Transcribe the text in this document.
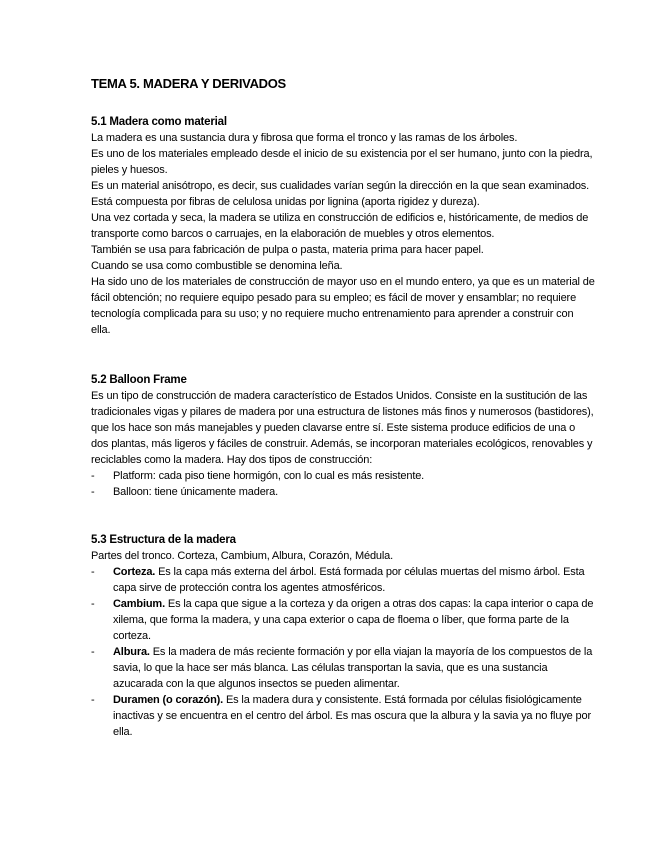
TEMA 5. MADERA Y DERIVADOS
5.1 Madera como material

La madera es una sustancia dura y fibrosa que forma el tronco y las ramas de los árboles.

Es uno de los materiales empleado desde el inicio de su existencia por el ser humano, junto con la piedra, pieles y huesos.

Es un material anisótropo, es decir, sus cualidades varían según la dirección en la que sean examinados.

Está compuesta por fibras de celulosa unidas por lignina (aporta rigidez y dureza).

Una vez cortada y seca, la madera se utiliza en construcción de edificios e, históricamente, de medios de transporte como barcos o carruajes, en la elaboración de muebles y otros elementos.

También se usa para fabricación de pulpa o pasta, materia prima para hacer papel.

Cuando se usa como combustible se denomina leña.

Ha sido uno de los materiales de construcción de mayor uso en el mundo entero, ya que es un material de fácil obtención; no requiere equipo pesado para su empleo; es fácil de mover y ensamblar; no requiere tecnología complicada para su uso; y no requiere mucho entrenamiento para aprender a construir con ella.

5.2 Balloon Frame

Es un tipo de construcción de madera característico de Estados Unidos. Consiste en la sustitución de las tradicionales vigas y pilares de madera por una estructura de listones más finos y numerosos (bastidores), que los hace son más manejables y pueden clavarse entre sí. Este sistema produce edificios de una o dos plantas, más ligeros y fáciles de construir. Además, se incorporan materiales ecológicos, renovables y reciclables como la madera. Hay dos tipos de construcción:

- Platform: cada piso tiene hormigón, con lo cual es más resistente.
- Balloon: tiene únicamente madera.
5.3 Estructura de la madera

Partes del tronco. Corteza, Cambium, Albura, Corazón, Médula.

- Corteza. Es la capa más externa del árbol. Está formada por células muertas del mismo árbol. Esta capa sirve de protección contra los agentes atmosféricos.
- Cambium. Es la capa que sigue a la corteza y da origen a otras dos capas: la capa interior o capa de xilema, que forma la madera, y una capa exterior o capa de floema o líber, que forma parte de la corteza.
- Albura. Es la madera de más reciente formación y por ella viajan la mayoría de los compuestos de la savia, lo que la hace ser más blanca. Las células transportan la savia, que es una sustancia azucarada con la que algunos insectos se pueden alimentar.
- Duramen (o corazón). Es la madera dura y consistente. Está formada por células fisiológicamente inactivas y se encuentra en el centro del árbol. Es mas oscura que la albura y la savia ya no fluye por ella.
